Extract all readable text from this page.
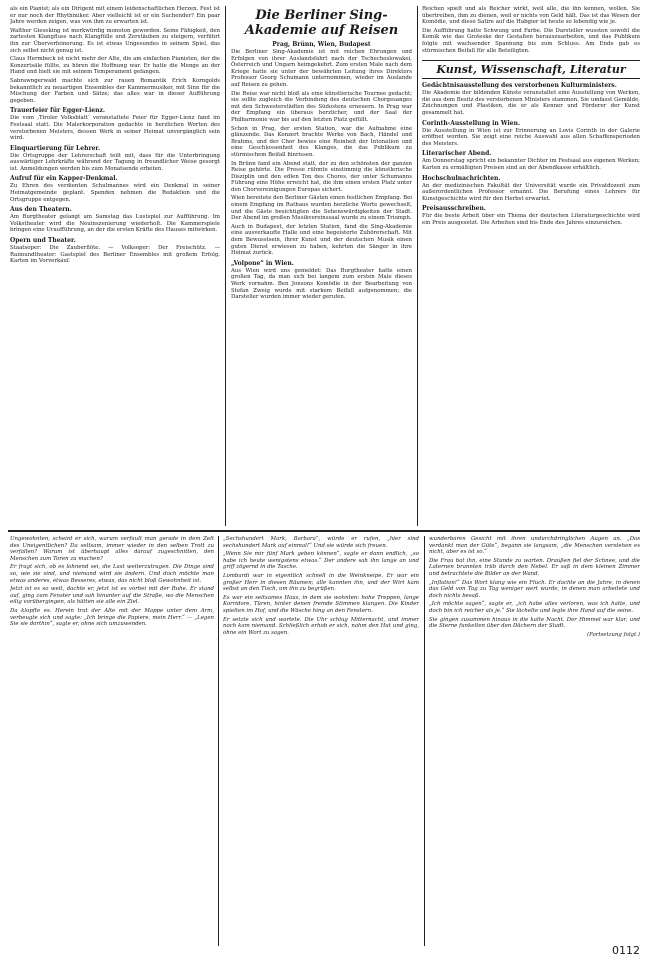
als ein Pianist; als ein Dirigent mit einem leidenschaftlichen Herzen. Fest ist er nur noch der Rhythmiker. Aber vielleicht ist er ein Suchender? Ein paar Jahre werden zeigen, was von ihm zu erwarten ist.

Walther Gieseking ist merkwürdig monoton geworden. Seine Fähigkeit, den zartesten Klangfluss nach Klangfülle und Zerstäuben zu steigern, verführt ihn zur Überverfeinerung. Es ist etwas Ungesundes in seinem Spiel, das sich selbst nicht genug ist.

Claus Hermbeck ist nicht mehr der Alte, die am einfachen Pianisten, der die Konzertsäle füllte, zu hören die Hoffnung war. Er hatte die Menge an der Hand und hielt sie mit seinem Temperament gefangen.

Sabrawngerwald machte sich zur rauen Romantik Erich Korngolds bekanntlich zu neuartigen Ensembles der Kammermusiker, mit Sinn für die Mischung der Farben und Sätze; das alles war in dieser Aufführung gegeben.

Trauerfeier für Egger-Lienz.

Die vom ‚Tiroler Volksblatt‘ veranstaltete Feier für Egger-Lienz fand im Festsaal statt. Die Malerkorporation gedachte in herzlichen Worten des verstorbenen Meisters, dessen Werk in seiner Heimat unvergänglich sein wird.

Einquartierung für Lehrer.

Die Ortsgruppe der Lehrerschaft teilt mit, dass für die Unterbringung auswärtiger Lehrkräfte während der Tagung in freundlicher Weise gesorgt ist. Anmeldungen werden bis zum Monatsende erbeten.

Aufruf für ein Kapper-Denkmal.

Zu Ehren des verdienten Schulmannes wird ein Denkmal in seiner Heimatgemeinde geplant. Spenden nehmen die Redaktion und die Ortsgruppe entgegen.

Aus den Theatern.

Am Burgtheater gelangt am Samstag das Lustspiel zur Aufführung. Im Volkstheater wird die Neuinszenierung wiederholt. Die Kammerspiele bringen eine Uraufführung, an der die ersten Kräfte des Hauses mitwirken.

Opern und Theater.

Staatsoper: Die Zauberflöte. — Volksoper: Der Freischütz. — Raimundtheater: Gastspiel des Berliner Ensembles mit großem Erfolg. Karten im Vorverkauf.

Die Berliner Sing-Akademie auf Reisen
Prag, Brünn, Wien, Budapest

Die Berliner Sing-Akademie ist mit reichen Ehrungen und Erfolgen von ihrer Auslandsfahrt nach der Tschechoslowakei, Österreich und Ungarn heimgekehrt. Zum ersten Male nach dem Kriege hatte sie unter der bewährten Leitung ihres Direktors Professor Georg Schumann unternommen, wieder im Auslande auf Reisen zu gehen.

Die Reise war nicht bloß als eine künstlerische Tournee gedacht; sie sollte zugleich die Verbindung des deutschen Chorgesanges mit den Schwesterstädten des Südostens erneuern. In Prag war der Empfang ein überaus herzlicher, und der Saal der Philharmonie war bis auf den letzten Platz gefüllt.

Schon in Prag, der ersten Station, war die Aufnahme eine glänzende. Das Konzert brachte Werke von Bach, Händel und Brahms, und der Chor bewies eine Reinheit der Intonation und eine Geschlossenheit des Klanges, die das Publikum zu stürmischem Beifall hinrissen.

In Brünn fand ein Abend statt, der zu den schönsten der ganzen Reise gehörte. Die Presse rühmte einstimmig die künstlerische Disziplin und den edlen Ton des Chores, der unter Schumanns Führung eine Höhe erreicht hat, die ihm einen ersten Platz unter den Chorvereinigungen Europas sichert.

Wien bereitete den Berliner Gästen einen festlichen Empfang. Bei einem Empfang im Rathaus wurden herzliche Worte gewechselt, und die Gäste besichtigten die Sehenswürdigkeiten der Stadt. Der Abend im großen Musikvereinssaal wurde zu einem Triumph.

Auch in Budapest, der letzten Station, fand die Sing-Akademie eine ausverkaufte Halle und eine begeisterte Zuhörerschaft. Mit dem Bewusstsein, ihrer Kunst und der deutschen Musik einen guten Dienst erwiesen zu haben, kehrten die Sänger in ihre Heimat zurück.

„Volpone“ in Wien.

Aus Wien wird uns gemeldet: Das Burgtheater hatte einen großen Tag, da man sich bei langem zum ersten Male dieses Werk vornahm. Ben Jonsons Komödie in der Bearbeitung von Stefan Zweig wurde mit starkem Beifall aufgenommen; die Darsteller wurden immer wieder gerufen.

Reichen spielt und als Reicher wirkt, weil alle, die ihn kennen, wollen. Sie übertreiben, ihm zu dienen, weil er nichts von Geld hält. Das ist das Wesen der Komödie, und diese Satire auf die Habgier ist heute so lebendig wie je.

Die Aufführung hatte Schwung und Farbe. Die Darsteller wussten sowohl die Komik wie das Groteske der Gestalten herauszuarbeiten, und das Publikum folgte mit wachsender Spannung bis zum Schluss. Am Ende gab es stürmischen Beifall für alle Beteiligten.

Kunst, Wissenschaft, Literatur
Gedächtnisausstellung des verstorbenen Kulturministers.

Die Akademie der bildenden Künste veranstaltet eine Ausstellung von Werken, die aus dem Besitz des verstorbenen Ministers stammen. Sie umfasst Gemälde, Zeichnungen und Plastiken, die er als Kenner und Förderer der Kunst gesammelt hat.

Corinth-Ausstellung in Wien.

Die Ausstellung in Wien ist zur Erinnerung an Lovis Corinth in der Galerie eröffnet worden. Sie zeigt eine reiche Auswahl aus allen Schaffensperioden des Meisters.

Literarischer Abend.

Am Donnerstag spricht ein bekannter Dichter im Festsaal aus eigenen Werken; Karten zu ermäßigten Preisen sind an der Abendkasse erhältlich.

Hochschulnachrichten.

An der medizinischen Fakultät der Universität wurde ein Privatdozent zum außerordentlichen Professor ernannt. Die Berufung eines Lehrers für Kunstgeschichte wird für den Herbst erwartet.

Preisausschreiben.

Für die beste Arbeit über ein Thema der deutschen Literaturgeschichte wird ein Preis ausgesetzt. Die Arbeiten sind bis Ende des Jahres einzureichen.

Ungewohnten, scheint er sich, warum verfault man gerade in dem Zelt des Uneigentlichen? Da seltsam, immer wieder in den selben Trott zu verfallen? Warum ist überhaupt alles darauf zugeschnitten, den Menschen zum Toren zu machen?

Er fragt sich, ob es lohnend sei, die Last weiterzutragen. Die Dinge sind so, wie sie sind, und niemand wird sie ändern. Und doch möchte man etwas anderes, etwas Besseres, etwas, das nicht bloß Gewohnheit ist.

Jetzt ist es so weit, dachte er, jetzt ist es vorbei mit der Ruhe. Er stand auf, ging zum Fenster und sah hinunter auf die Straße, wo die Menschen eilig vorübergingen, als hätten sie alle ein Ziel.

Da klopfte es. Herein trat der Alte mit der Mappe unter dem Arm, verbeugte sich und sagte: „Ich bringe die Papiere, mein Herr.“ — „Legen Sie sie dorthin“, sagte er, ohne sich umzuwenden.

„Sechshundert Mark, Barbara“, würde er rufen, „hier sind sechshundert Mark auf einmal!“ Und sie würde sich freuen.

„Wenn Sie mir fünf Mark geben können“, sagte er dann endlich, „so habe ich heute wenigstens etwas.“ Der andere sah ihn lange an und griff zögernd in die Tasche.

Lombardi war in eigentlich schnell in die Weinkneipe. Er war ein großer Herr in diesen Räumen; alle kannten ihn, und der Wirt kam selbst an den Tisch, um ihn zu begrüßen.

Es war ein seltsames Haus, in dem sie wohnten: hohe Treppen, lange Korridore, Türen, hinter denen fremde Stimmen klangen. Die Kinder spielten im Hof, und die Wäsche hing an den Fenstern.

Er setzte sich und wartete. Die Uhr schlug Mitternacht, und immer noch kam niemand. Schließlich erhob er sich, nahm den Hut und ging, ohne ein Wort zu sagen.

wunderbaren Gesicht mit ihren undurchdringlichen Augen an. „Das verdankt man der Güte“, begann sie langsam, „die Menschen verstehen es nicht, aber es ist so.“

Die Frau bat ihn, eine Stunde zu warten. Draußen fiel der Schnee, und die Laternen brannten trüb durch den Nebel. Er saß in dem kleinen Zimmer und betrachtete die Bilder an der Wand.

„Inflation!“ Das Wort klang wie ein Fluch. Er dachte an die Jahre, in denen das Geld von Tag zu Tag weniger wert wurde, in denen man arbeitete und doch nichts besaß.

„Ich möchte sagen“, sagte er, „ich habe alles verloren, was ich hatte, und doch bin ich reicher als je.“ Sie lächelte und legte ihre Hand auf die seine.

Sie gingen zusammen hinaus in die kalte Nacht. Der Himmel war klar, und die Sterne funkelten über den Dächern der Stadt.

(Fortsetzung folgt.)
0112
